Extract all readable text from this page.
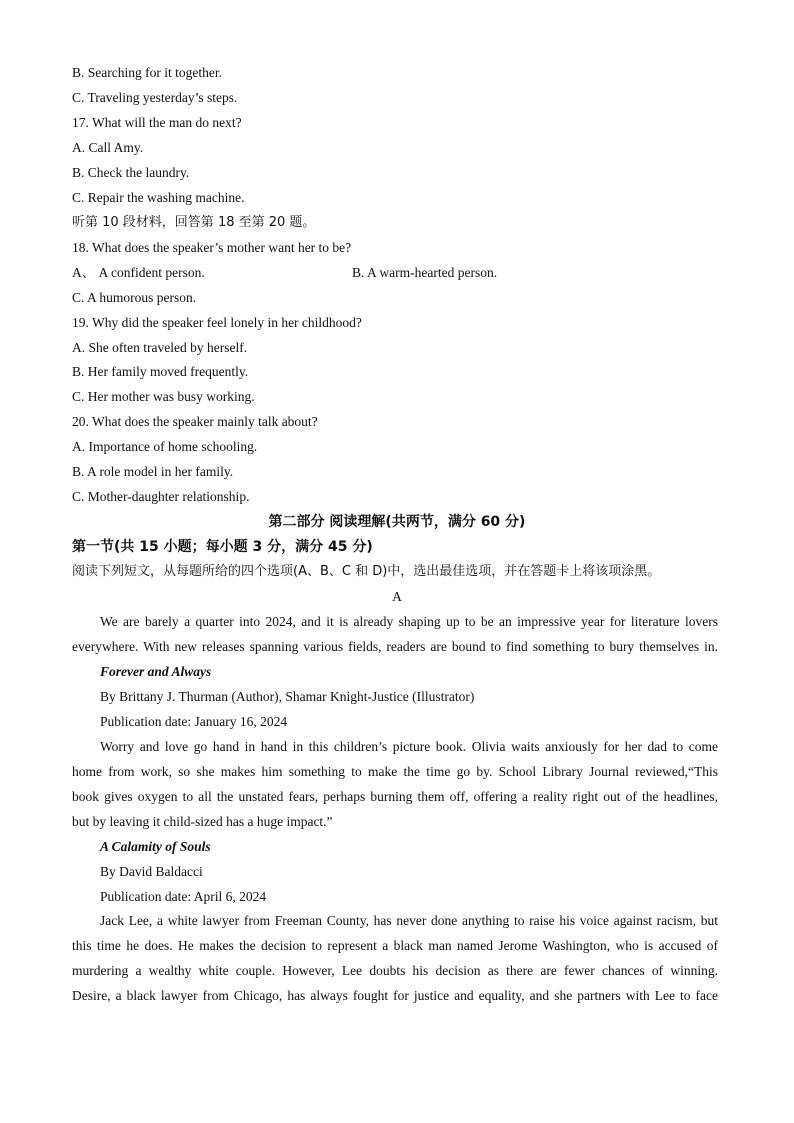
B. Searching for it together.
C. Traveling yesterday’s steps.
17. What will the man do next?
A. Call Amy.
B. Check the laundry.
C. Repair the washing machine.
听第 10 段材料，回答第 18 至第 20 题。
18. What does the speaker’s mother want her to be?
A、 A confident person.	B. A warm-hearted person.
C. A humorous person.
19. Why did the speaker feel lonely in her childhood?
A. She often traveled by herself.
B. Her family moved frequently.
C. Her mother was busy working.
20. What does the speaker mainly talk about?
A. Importance of home schooling.
B. A role model in her family.
C. Mother-daughter relationship.
第二部分 阅读理解(共两节，满分 60 分)
第一节(共 15 小题；每小题 3 分，满分 45 分)
阅读下列短文，从每题所给的四个选项(A、B、C 和 D)中，选出最佳选项，并在答题卡上将该项涂黑。
A
We are barely a quarter into 2024, and it is already shaping up to be an impressive year for literature lovers
everywhere. With new releases spanning various fields, readers are bound to find something to bury themselves in.
Forever and Always
By Brittany J. Thurman (Author), Shamar Knight-Justice (Illustrator)
Publication date: January 16, 2024
Worry and love go hand in hand in this children’s picture book. Olivia waits anxiously for her dad to come
home from work, so she makes him something to make the time go by. School Library Journal reviewed,“This
book gives oxygen to all the unstated fears, perhaps burning them off, offering a reality right out of the headlines,
but by leaving it child-sized has a huge impact.”
A Calamity of Souls
By David Baldacci
Publication date: April 6, 2024
Jack Lee, a white lawyer from Freeman County, has never done anything to raise his voice against racism, but
this time he does. He makes the decision to represent a black man named Jerome Washington, who is accused of
murdering a wealthy white couple. However, Lee doubts his decision as there are fewer chances of winning.
Desire, a black lawyer from Chicago, has always fought for justice and equality, and she partners with Lee to face
